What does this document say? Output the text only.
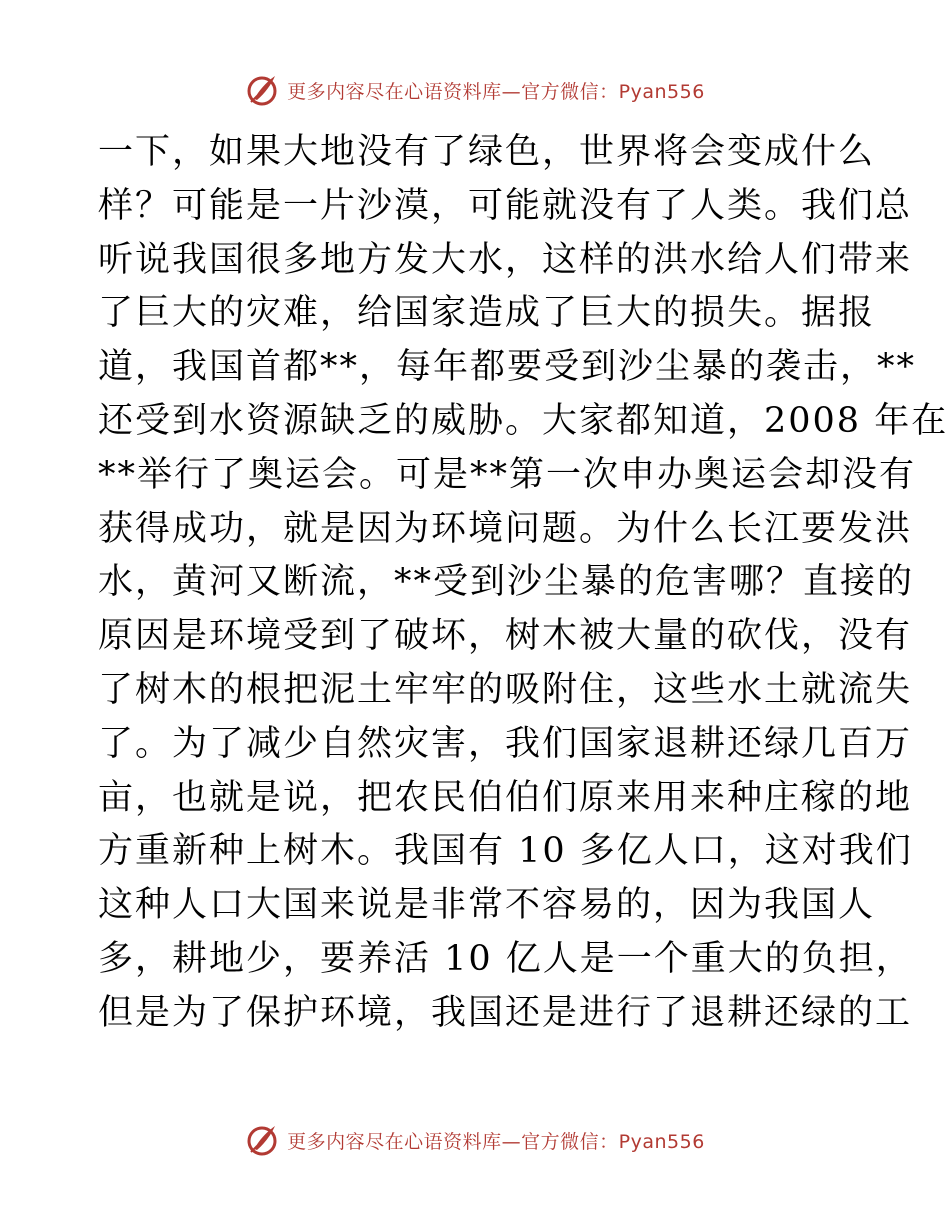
更多内容尽在心语资料库—官方微信：Pyan556
一下，如果大地没有了绿色，世界将会变成什么
样？可能是一片沙漠，可能就没有了人类。我们总
听说我国很多地方发大水，这样的洪水给人们带来
了巨大的灾难，给国家造成了巨大的损失。据报
道，我国首都**，每年都要受到沙尘暴的袭击，**
还受到水资源缺乏的威胁。大家都知道，2008 年在
**举行了奥运会。可是**第一次申办奥运会却没有
获得成功，就是因为环境问题。为什么长江要发洪
水，黄河又断流，**受到沙尘暴的危害哪？直接的
原因是环境受到了破坏，树木被大量的砍伐，没有
了树木的根把泥土牢牢的吸附住，这些水土就流失
了。为了减少自然灾害，我们国家退耕还绿几百万
亩，也就是说，把农民伯伯们原来用来种庄稼的地
方重新种上树木。我国有 10 多亿人口，这对我们
这种人口大国来说是非常不容易的，因为我国人
多，耕地少，要养活 10 亿人是一个重大的负担，
但是为了保护环境，我国还是进行了退耕还绿的工
更多内容尽在心语资料库—官方微信：Pyan556
